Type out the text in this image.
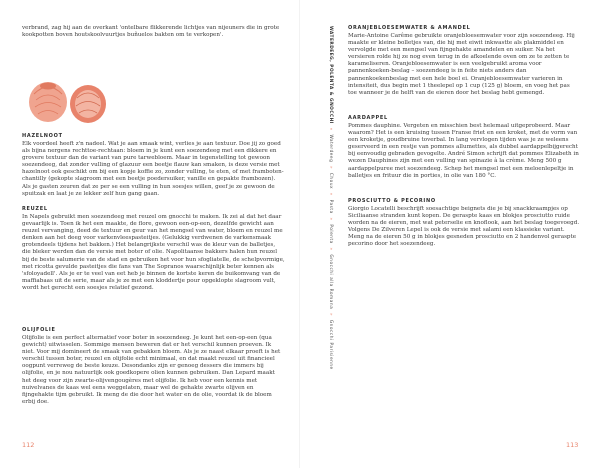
verbrand, zag hij aan de overkant 'ontelbare flikkerende lichtjes van nijeuners die in grote kookpotten boven houtskoolvuurtjes buñuelos bakten om te verkopen'.

HAZELNOOT

Elk voordeel heeft z'n nadeel. Wat je aan smaak wint, verlies je aan textuur. Doe jij zo goed als bijna nergens rechttoe-rechtaan: bloem in je kunt een soezendeeg met een dikkere en grovere textuur dan de variant van pure tarwebloem. Maar in tegenstelling tot gewoon soezendeeg, dat zonder vulling of glazuur een beetje flauw kan smaken, is deze versie met hazelnoot ook geschikt om bij een kopje koffie zo, zonder vulling, te eten, of met framboten-chantilly (gekopte slagroom met een beetje poedersuiker, vanille en gepakte frambozen). Als je gasten zeuren dat ze per se een vulling in hun soesjes willen, geef je ze gewoon de spuitzak en laat je ze lekker zelf hun gang gaan.

REUZEL

In Napels gebruikt men soezendeeg met reuzel om gnocchi te maken. Ik zei al dat het daar gevaarlijk is. Toen ik het een maakte, de flore, gewoon een-op-een, dezelfde gewicht aan reuzel vervanging, deed de textuur en geur van het mengsel van water, bloem en reuzel me denken aan het deeg voor varkenvleespasteitjes. (Gelukkig verdwenen de varkensmaak grotendeels tijdens het bakken.) Het belangrijkste verschil was de kleur van de balletjes, die bleker werden dan de versie met boter of olie. Napolitaanse bakkers halen hun reuzel bij de beste salumerie van de stad en gebruiken het voor hun sfogliatelle, de schelpvormige, met ricotta gevulde pasteitjes die fans van The Sopranos waarschijnlijk beter kennen als 'sfoloyadell'. Als je er te veel van eet heb je binnen de kortste keren de buikomvang van de maffiabaas uit de serie, maar als je ze met een kloddertje pour opgeklopte slagroom vult, wordt het gerecht een soesjes relatief gezond.

OLIJFOLIE

Olijfolie is een perfect alternatief voor boter in soezendeeg. Je kunt het een-op-een (qua gewicht) uitwisselen. Sommige mensen beweren dat er het verschil kunnen proeven. Ik niet. Voor mij domineert de smaak van gebakken bloem. Als je ze naast elkaar proeft is het verschil tussen boter, reuzel en olijfolie echt minimaal, en dat maakt reuzel uit financieel oogpunt verreweg de beste keuze. Desondanks zijn er genoeg dessers die immers bij olijfolie, en je nou natuurlijk ook goedkopere olien kunnen gebruiken. Dan Lepard maakt het deeg voor zijn zwarte-olijvengougères met olijfolie. Ik heb voor een kennis met nuivelvanes de kaas wel eens weggelaten, maar wel de gehakte zwarte olijven en fijngehakte tijm gebruikt. Ik meng de die door het water en de olie, voordat ik de bloem erbij doe.

112
WATERDEEG, POLENTA & GNOCCHI  »  Waterdeeg  »  Choux  »  Pasta  »  Polenta  »  Gnocchi alla Romana  »  Gnocchi Parisienne
ORANJEBLOESEMWATER & AMANDEL

Marie-Antoine Carême gebruikte oranjebloesemwater voor zijn soezendeeg. Hij maakte er kleine bolletjes van, die hij met eiwit inkwastte als plakmiddel en vervolgde met een mengsel van fijngehakte amandelen en suiker. Na het versieren rolde hij ze nog even terug in de afkoelende oven om ze te zetten te karameliseren. Oranjebloesemwater is een veelgebruikt aroma voor pannenkoeken-beslag – soezendeeg is in feite niets anders dan pannenkoekenbeslag met een hele boel ei. Oranjebloesemwater varieren in intensiteit, dus begin met 1 theelepel op 1 cup (125 g) bloem, en voeg het pas toe wanneer je de helft van de eieren door het beslag hebt gemengd.

AARDAPPEL

Pommes dauphine. Vergeten en misschien best helemaal uitgeprobeerd. Maar waarom? Het is een kruising tussen Franse friet en een kroket, met de vorm van een kroketje, goudbruine toverbal. In lang vervlogen tijden was je ze weleens geserveerd in een restje van pommes allumettes, als dubbel aardappelbijgerecht bij eenvoudig gebraden gevogelte. André Simon schrijft dat pommes Elizabeth in wezen Dauphines zijn met een vulling van spinazie à la crème. Meng 500 g aardappelpuree met soezendeeg. Schep het mengsel met een meloenlepeltje in balletjes en frituur die in porties, in olie van 180 °C.

PROSCIUTTO & PECORINO

Giorgio Locatelli beschrijft soesachtige beignets die je bij snackkraampjes op Siciliaanse stranden kunt kopen. De geraspte kaas en blokjes prosciutto ruide worden na de eieren, met wat peterselie en knoflook, aan het beslag toegevoegd. Volgens De Zilveren Lepel is ook de versie met salami een klassieke variant. Meng na de eieren 50 g in blokjes gesneden prosciutto en 2 handenvol geraspte pecorino door het soezendeeg.

113
